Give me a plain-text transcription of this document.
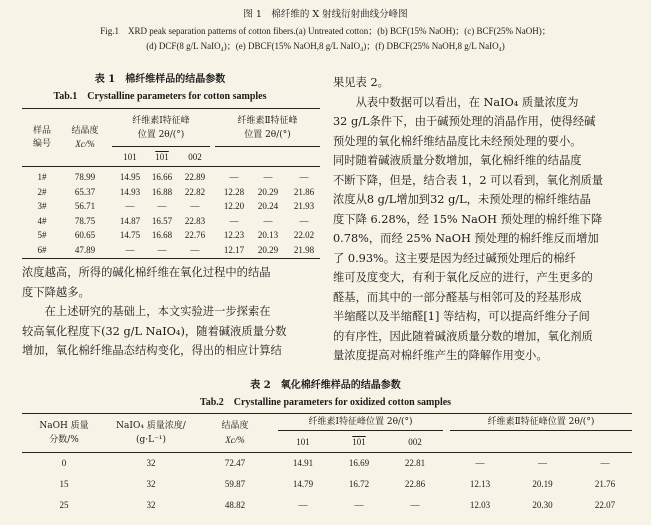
图 1　棉纤维的 X 射线衍射曲线分峰图
Fig.1　XRD peak separation patterns of cotton fibers.(a) Untreated cotton；(b) BCF(15% NaOH)；(c) BCF(25% NaOH)；
(d) DCF(8 g/L NaIO₄)；(e) DBCF(15% NaOH,8 g/L NaIO₄)；(f) DBCF(25% NaOH,8 g/L NaIO₄)
表 1　棉纤维样品的结晶参数
Tab.1　Crystalline parameters for cotton samples
样品
编号
结晶度
Xc/%
纤维素Ⅰ特征峰
位置 2θ/(°)
纤维素Ⅱ特征峰
位置 2θ/(°)
101	101	002
1#	78.99	14.95	16.66	22.89	—	—	—
2#	65.37	14.93	16.88	22.82	12.28	20.29	21.86
3#	56.71	—	—	—	12.20	20.24	21.93
4#	78.75	14.87	16.57	22.83	—	—	—
5#	60.65	14.75	16.68	22.76	12.23	20.13	22.02
6#	47.89	—	—	—	12.17	20.29	21.98
浓度越高，所得的碱化棉纤维在氧化过程中的结晶
度下降越多。
　　在上述研究的基础上，本文实验进一步探索在
较高氧化程度下(32 g/L NaIO₄)，随着碱液质量分数
增加，氧化棉纤维晶态结构变化，得出的相应计算结
果见表 2。
　　从表中数据可以看出，在 NaIO₄ 质量浓度为
32 g/L条件下，由于碱预处理的消晶作用，使得经碱
预处理的氧化棉纤维结晶度比未经预处理的要小。
同时随着碱液质量分数增加，氧化棉纤维的结晶度
不断下降，但是，结合表 1，2 可以看到，氧化剂质量
浓度从8 g/L增加到32 g/L，未预处理的棉纤维结晶
度下降 6.28%，经 15% NaOH 预处理的棉纤维下降
0.78%，而经 25% NaOH 预处理的棉纤维反而增加
了 0.93%。这主要是因为经过碱预处理后的棉纤
维可及度变大，有利于氧化反应的进行，产生更多的
醛基，而其中的一部分醛基与相邻可及的羟基形成
半缩醛以及半缩醛[1] 等结构，可以提高纤维分子间
的有序性，因此随着碱液质量分数的增加，氧化剂质
量浓度提高对棉纤维产生的降解作用变小。
表 2　氧化棉纤维样品的结晶参数
Tab.2　Crystalline parameters for oxidized cotton samples
NaOH 质量
分数/%
NaIO₄ 质量浓度/
(g·L⁻¹)
结晶度
Xc/%
纤维素Ⅰ特征峰位置 2θ/(°)	纤维素Ⅱ特征峰位置 2θ/(°)
101	101	002
0	32	72.47	14.91	16.69	22.81	—	—	—
15	32	59.87	14.79	16.72	22.86	12.13	20.19	21.76
25	32	48.82	—	—	—	12.03	20.30	22.07
